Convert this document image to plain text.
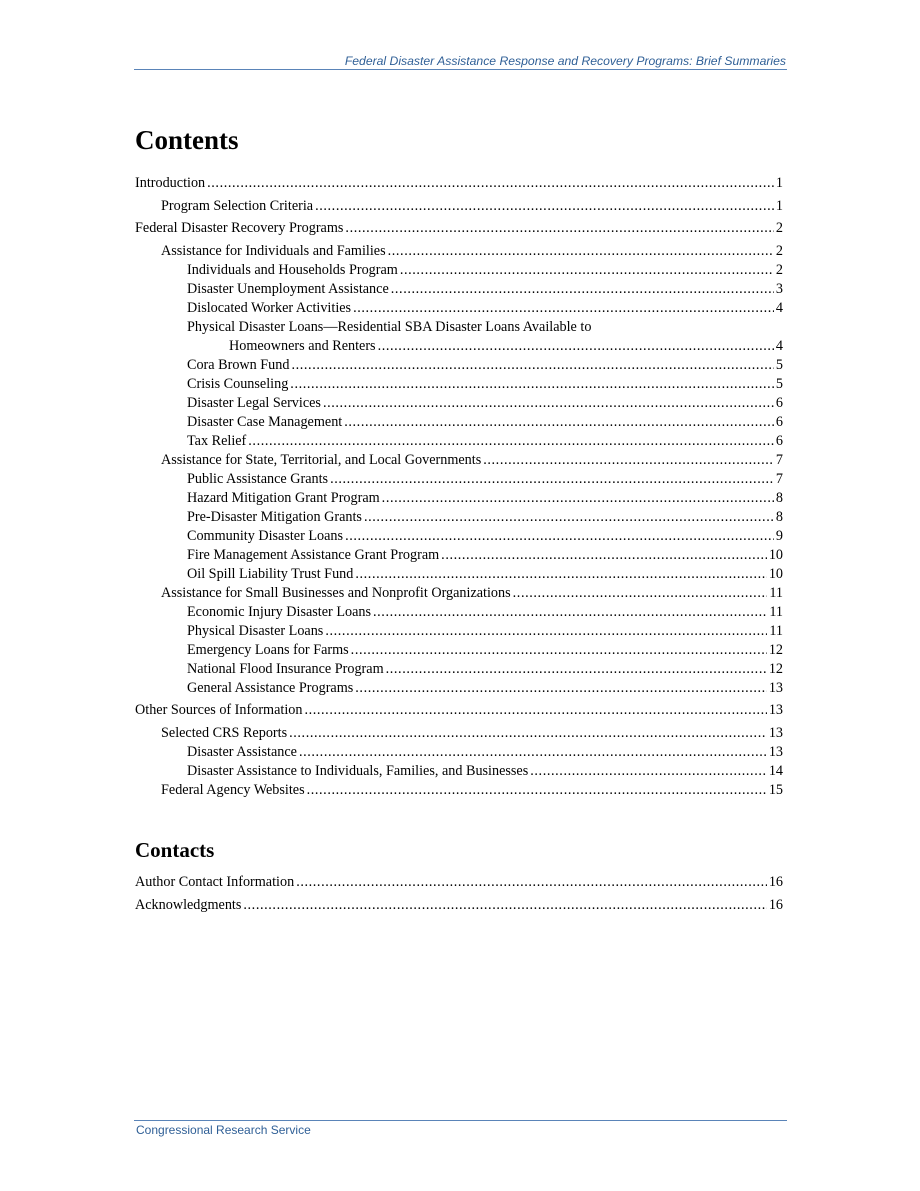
Federal Disaster Assistance Response and Recovery Programs: Brief Summaries
Contents
Introduction .....	1
Program Selection Criteria .....	1
Federal Disaster Recovery Programs .....	2
Assistance for Individuals and Families .....	2
Individuals and Households Program .....	2
Disaster Unemployment Assistance .....	3
Dislocated Worker Activities .....	4
Physical Disaster Loans—Residential SBA Disaster Loans Available to
Homeowners and Renters .....	4
Cora Brown Fund .....	5
Crisis Counseling .....	5
Disaster Legal Services .....	6
Disaster Case Management .....	6
Tax Relief .....	6
Assistance for State, Territorial, and Local Governments .....	7
Public Assistance Grants .....	7
Hazard Mitigation Grant Program .....	8
Pre-Disaster Mitigation Grants .....	8
Community Disaster Loans .....	9
Fire Management Assistance Grant Program .....	10
Oil Spill Liability Trust Fund .....	10
Assistance for Small Businesses and Nonprofit Organizations .....	11
Economic Injury Disaster Loans .....	11
Physical Disaster Loans .....	11
Emergency Loans for Farms .....	12
National Flood Insurance Program .....	12
General Assistance Programs .....	13
Other Sources of Information .....	13
Selected CRS Reports .....	13
Disaster Assistance .....	13
Disaster Assistance to Individuals, Families, and Businesses .....	14
Federal Agency Websites .....	15
Contacts
Author Contact Information .....	16
Acknowledgments .....	16
Congressional Research Service
